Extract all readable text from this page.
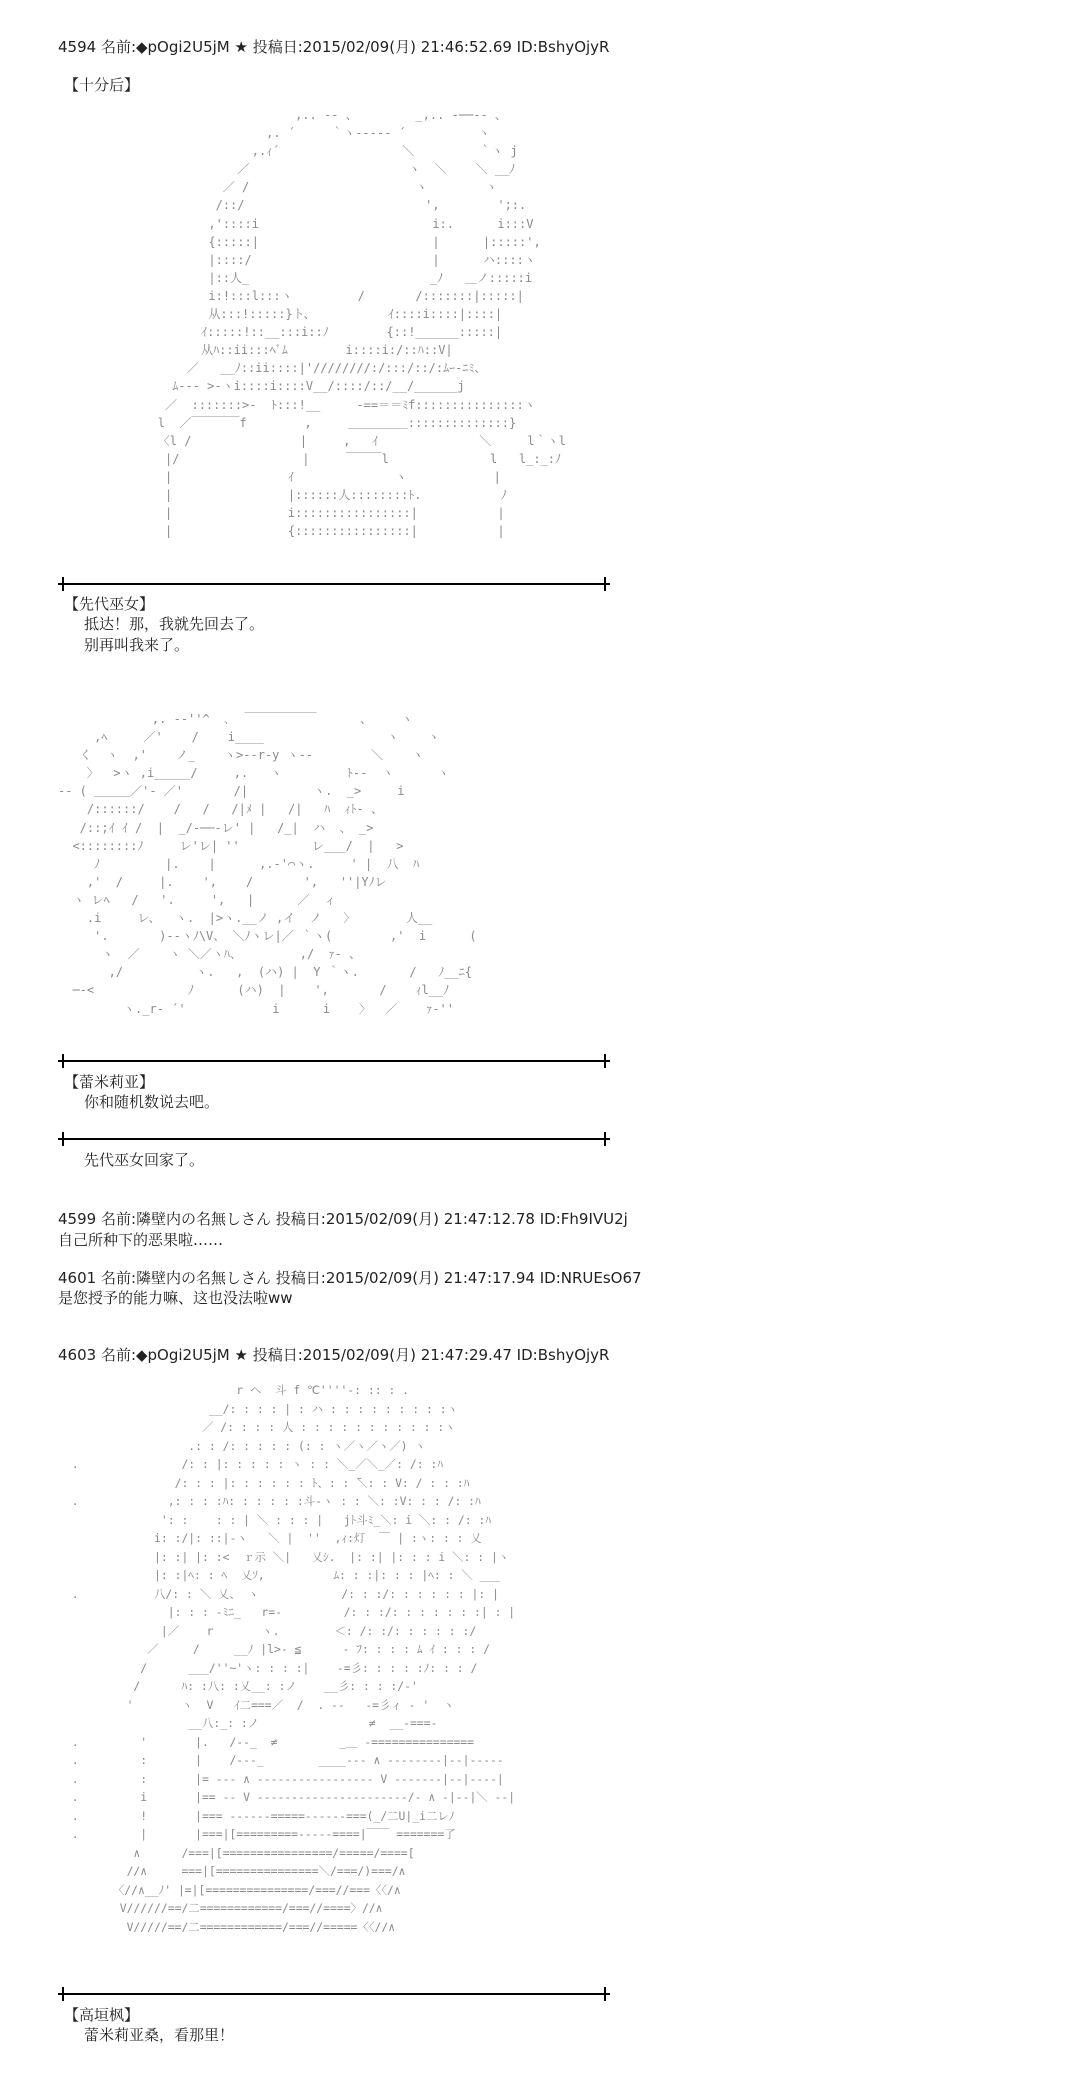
4594 名前:◆pOgi2U5jM ★ 投稿日:2015/02/09(月) 21:46:52.69 ID:BshyOjyR
【十分后】
,.. -- 、        _,.. -──‐- 、
,. ´     ｀ヽ‐---‐ ´          ヽ
,.ｨ´                 ＼         ｀ヽ j
／                      ヽ  ＼    ＼ __ﾉ
／ /                       ヽ        ヽ
/::/                         ',        ';:.
,'::::i                        i:.      i:::V
{:::::|                        |      |:::::',
|::::/                         |      ハ::::ヽ
|::人_                         _ﾉ   ＿ノ:::::i
i:!:::l:::ヽ         /       /:::::::|:::::|
从:::!:::::}ト、          ｲ::::i::::|::::|
ｲ:::::!::__:::i::ﾉ        {::!______:::::|
从ﾊ::ii:::ﾍﾞﾑ        i::::i:/::ﾊ::V|
／   __ﾉ::ii::::|'////////:/:::/::/:ﾑｰ-ﾆﾐ、
ﾑ--- >-ヽi::::i::::V__/::::/::/__/______j
／  :::::::>-  ﾄ:::!__     -==＝＝ﾐf:::::::::::::::ヽ
l  ／￣￣￣￣f        ,     ＿＿＿＿＿::::::::::::::}
〈l /               |     ,   ｲ              ＼     l｀ヽl
|/                 |     ￣￣￣l              l   l_:_:ﾉ
|                ｲ              ヽ            |
|                |::::::人::::::::ﾄ.           ﾉ
|                i::::::::::::::::|           |
|                {::::::::::::::::|           |
【先代巫女】
抵达！那，我就先回去了。
别再叫我来了。
,. -‐''^  ､  ￣￣￣￣￣￣      、    ヽ
,ﾍ     ／'    /    i____                 ヽ    ヽ
く  ヽ  ,'    ノ_    ヽ>‐-r‐y ヽ‐-        ＼    ヽ
〉  >ヽ ,i_____/     ,.   ヽ         ﾄ-‐  ヽ      ヽ
‐- ( ＿＿＿／'‐ ／'       /|         ヽ.  _>     i
/::::::/    /   /   /|ﾒ |   /|   ﾊ  ｨﾄ- 、
/::;ｲ ｲ /  |  _/-──-レ' |   /_|  ハ  、 _>
<::::::::ﾉ     レ'レ| ''          レ___/  |   >
ﾉ         |.    |      ,.‐'⌒ヽ.     ' |  八  ﾊ
,'  /     |.    ',    /       ',   ''|Yﾉレ
ヽ レﾍ   /   '.     ',   |      ／  ィ
.i     レ、  ヽ.  |>ヽ.__ノ ,イ  ノ   〉       人__
'.       )-‐ヽﾉ\V、 ＼ﾉヽレ|／ ｀ヽ(        ,'  i      (
ヽ  ／    ヽ ＼／ヽﾊ、        ,/  ｧ‐ 、
,/          ヽ.   ,  (ハ) |  Y ｀ヽ.       /   ﾉ__ﾆ{
─-<             ﾉ      (ハ)  |    ',       /    ｨl__ﾉ
ヽ._r‐ ´'            i      i    〉  ／    ｧ‐''
【蕾米莉亚】
你和随机数说去吧。
先代巫女回家了。
4599 名前:隣壁内の名無しさん 投稿日:2015/02/09(月) 21:47:12.78 ID:Fh9IVU2j
自己所种下的恶果啦……
4601 名前:隣壁内の名無しさん 投稿日:2015/02/09(月) 21:47:17.94 ID:NRUEsO67
是您授予的能力嘛、这也没法啦ww
4603 名前:◆pOgi2U5jM ★ 投稿日:2015/02/09(月) 21:47:29.47 ID:BshyOjyR
r ヘ  斗 f ℃''''‐: :: : .
__/: : : : | : ハ : : : : : : : : :ヽ
／ /: : : : 人 : : : : : : : : : : :ヽ
.: : /: : : : : (: : ヽ／ヽ／ヽ／) ヽ
.               /: : |: : : : : ヽ : : ＼_／＼_／: /: :ﾊ
/: : : |: : : : : : ﾄ、: : ̄＼: : V: / : : :ﾊ
.             ,: : : :ﾊ: : : : : :斗‐ヽ : : ＼: :V: : : /: :ﾊ
': :    : : | ＼ : : : |   jﾄ斗ﾐ_＼: i ＼: : /: :ﾊ
i: :/|: ::|‐ヽ   ＼ |  ''  ,ｨ:灯  ￣ | :ヽ: : : 乂
|: :| |: :<  ｒ示 ＼|   乂ｼ.  |: :| |: : : i ＼: : |ヽ
|: :|ﾍ: : ﾍ  乂ｿ,          ﾑ: : :|: : : |ﾍ: : ＼ ___
.           八/: : ＼ 乂、 ヽ            /: : :/: : : : : : |: |
|: : : -ﾐﾆ_   r=-         /: : :/: : : : : : :| : |
|／    r       ヽ.        ＜: /: :/: : : : : :/
／     /     __ﾉ |l>- ≦      ‐ ﾌ: : : : ﾑ ｲ : : : /
/      ___/''~'ヽ: : : :|    -=彡: : : : :ﾉ: : : /
/      ﾊ: :八: :乂__: :ノ    __彡: : : :/‐'
'       ヽ  V   ｲ二===／  /  . ‐‐   -=彡ィ ‐ '  ヽ
__八:_: :ノ                ≠  __-===-
.         '       |.   /‐‐_  ≠         _＿ -===============
.         :       |    /‐‐‐_        ____--- ∧ --------|--|-----
.         :       |= ‐‐‐ ∧ ‐‐‐‐‐‐‐‐‐‐‐‐‐‐‐‐‐ V ‐‐‐‐‐‐‐|‐‐|‐‐‐‐|
.         i       |== ‐‐ V ‐‐‐‐‐‐‐‐‐‐‐‐‐‐‐‐‐‐‐‐‐‐/‐ ∧ ‐|‐‐|＼ ‐‐|
.         !       |=== ------=====------===(_/二U|_i二レﾉ
.         |       |===|[=========-----====|￣￣ =======了
∧      /===|[================/=====/====[
//∧     ===|[===============＼/===/)===/∧
〈//∧__ﾉ' |=|[===============/===//===〈〈/∧
V//////==/二============/===//====〉//∧
V/////==/二============/===//=====〈〈//∧
【高垣枫】
蕾米莉亚桑，看那里！
